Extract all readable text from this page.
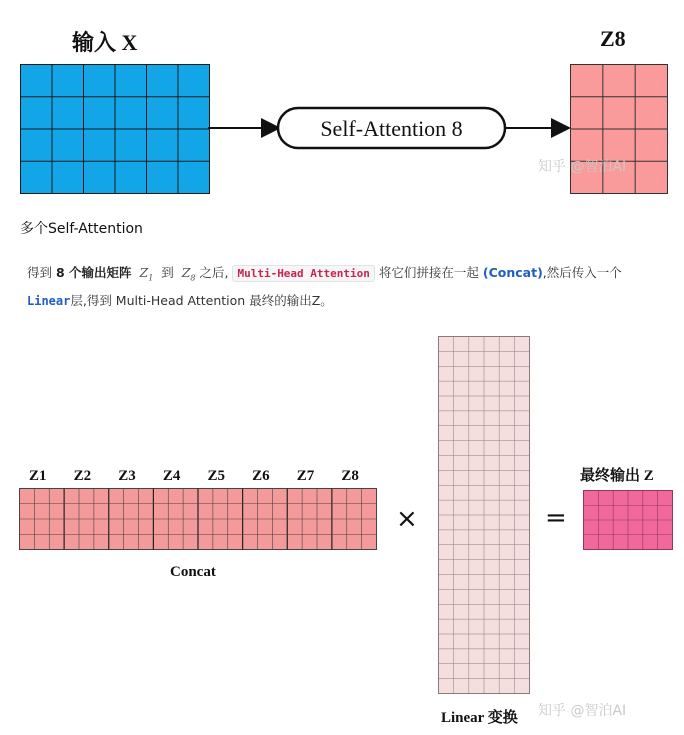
输入 X
Self-Attention 8
Z8
知乎 @智泊AI
多个Self-Attention
得到 8 个输出矩阵 $Z_1$ 到 $Z_8$ 之后, Multi-Head Attention 将它们拼接在一起 (Concat),然后传入一个
Linear层,得到 Multi-Head Attention 最终的输出Z。
Z1 Z2 Z3 Z4 Z5 Z6 Z7 Z8
Concat
×
Linear 变换
=
最终输出 Z
知乎 @智泊AI
